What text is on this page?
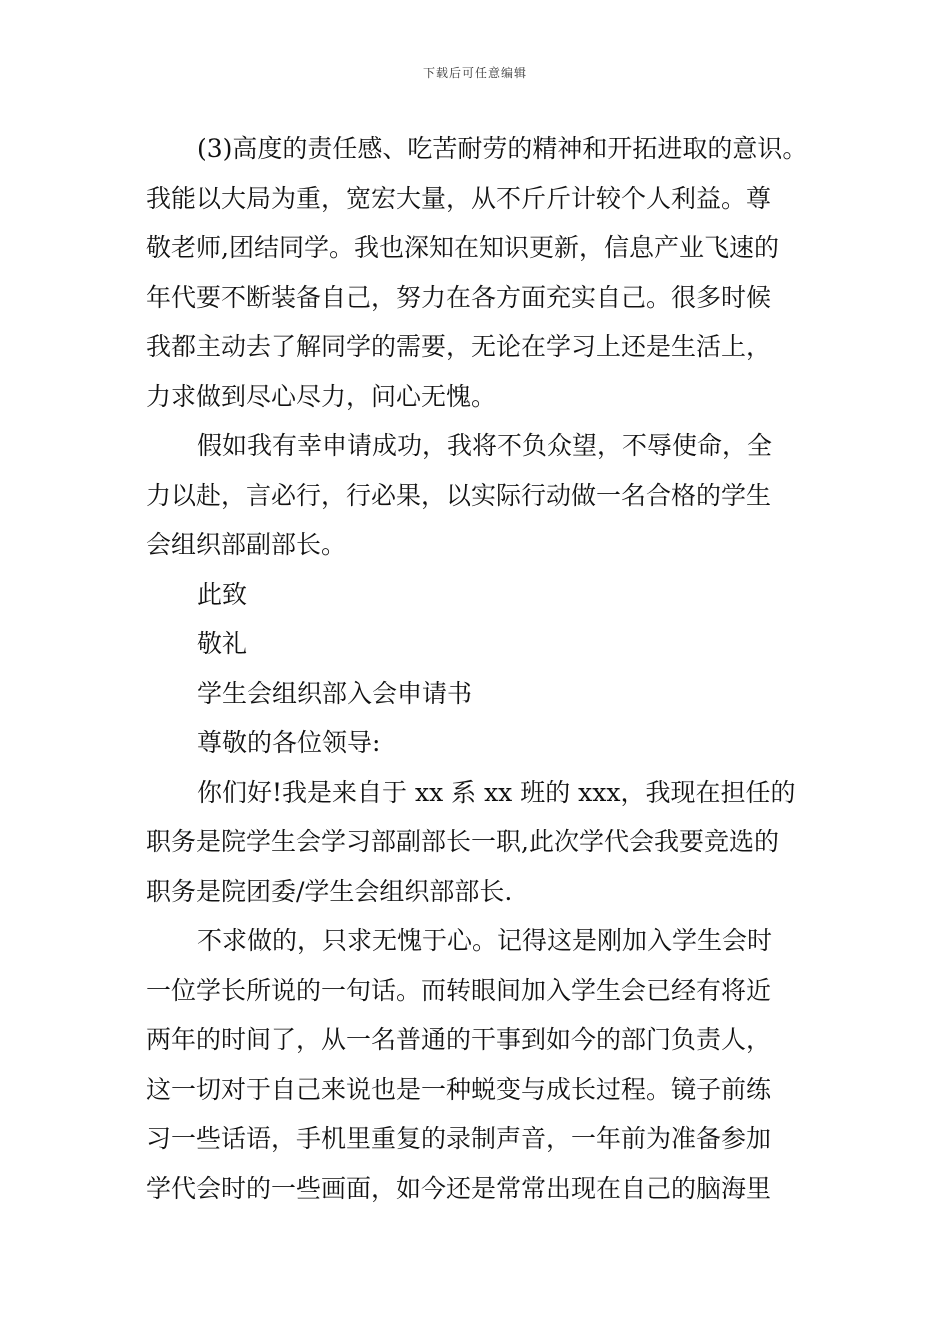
下载后可任意编辑
(3)高度的责任感、吃苦耐劳的精神和开拓进取的意识。
我能以大局为重，宽宏大量，从不斤斤计较个人利益。尊
敬老师,团结同学。我也深知在知识更新，信息产业飞速的
年代要不断装备自己，努力在各方面充实自己。很多时候
我都主动去了解同学的需要，无论在学习上还是生活上，
力求做到尽心尽力，问心无愧。
假如我有幸申请成功，我将不负众望，不辱使命，全
力以赴，言必行，行必果，以实际行动做一名合格的学生
会组织部副部长。
此致
敬礼
学生会组织部入会申请书
尊敬的各位领导:
你们好!我是来自于 xx 系 xx 班的 xxx，我现在担任的
职务是院学生会学习部副部长一职,此次学代会我要竞选的
职务是院团委/学生会组织部部长.
不求做的，只求无愧于心。记得这是刚加入学生会时
一位学长所说的一句话。而转眼间加入学生会已经有将近
两年的时间了，从一名普通的干事到如今的部门负责人，
这一切对于自己来说也是一种蜕变与成长过程。镜子前练
习一些话语，手机里重复的录制声音，一年前为准备参加
学代会时的一些画面，如今还是常常出现在自己的脑海里
